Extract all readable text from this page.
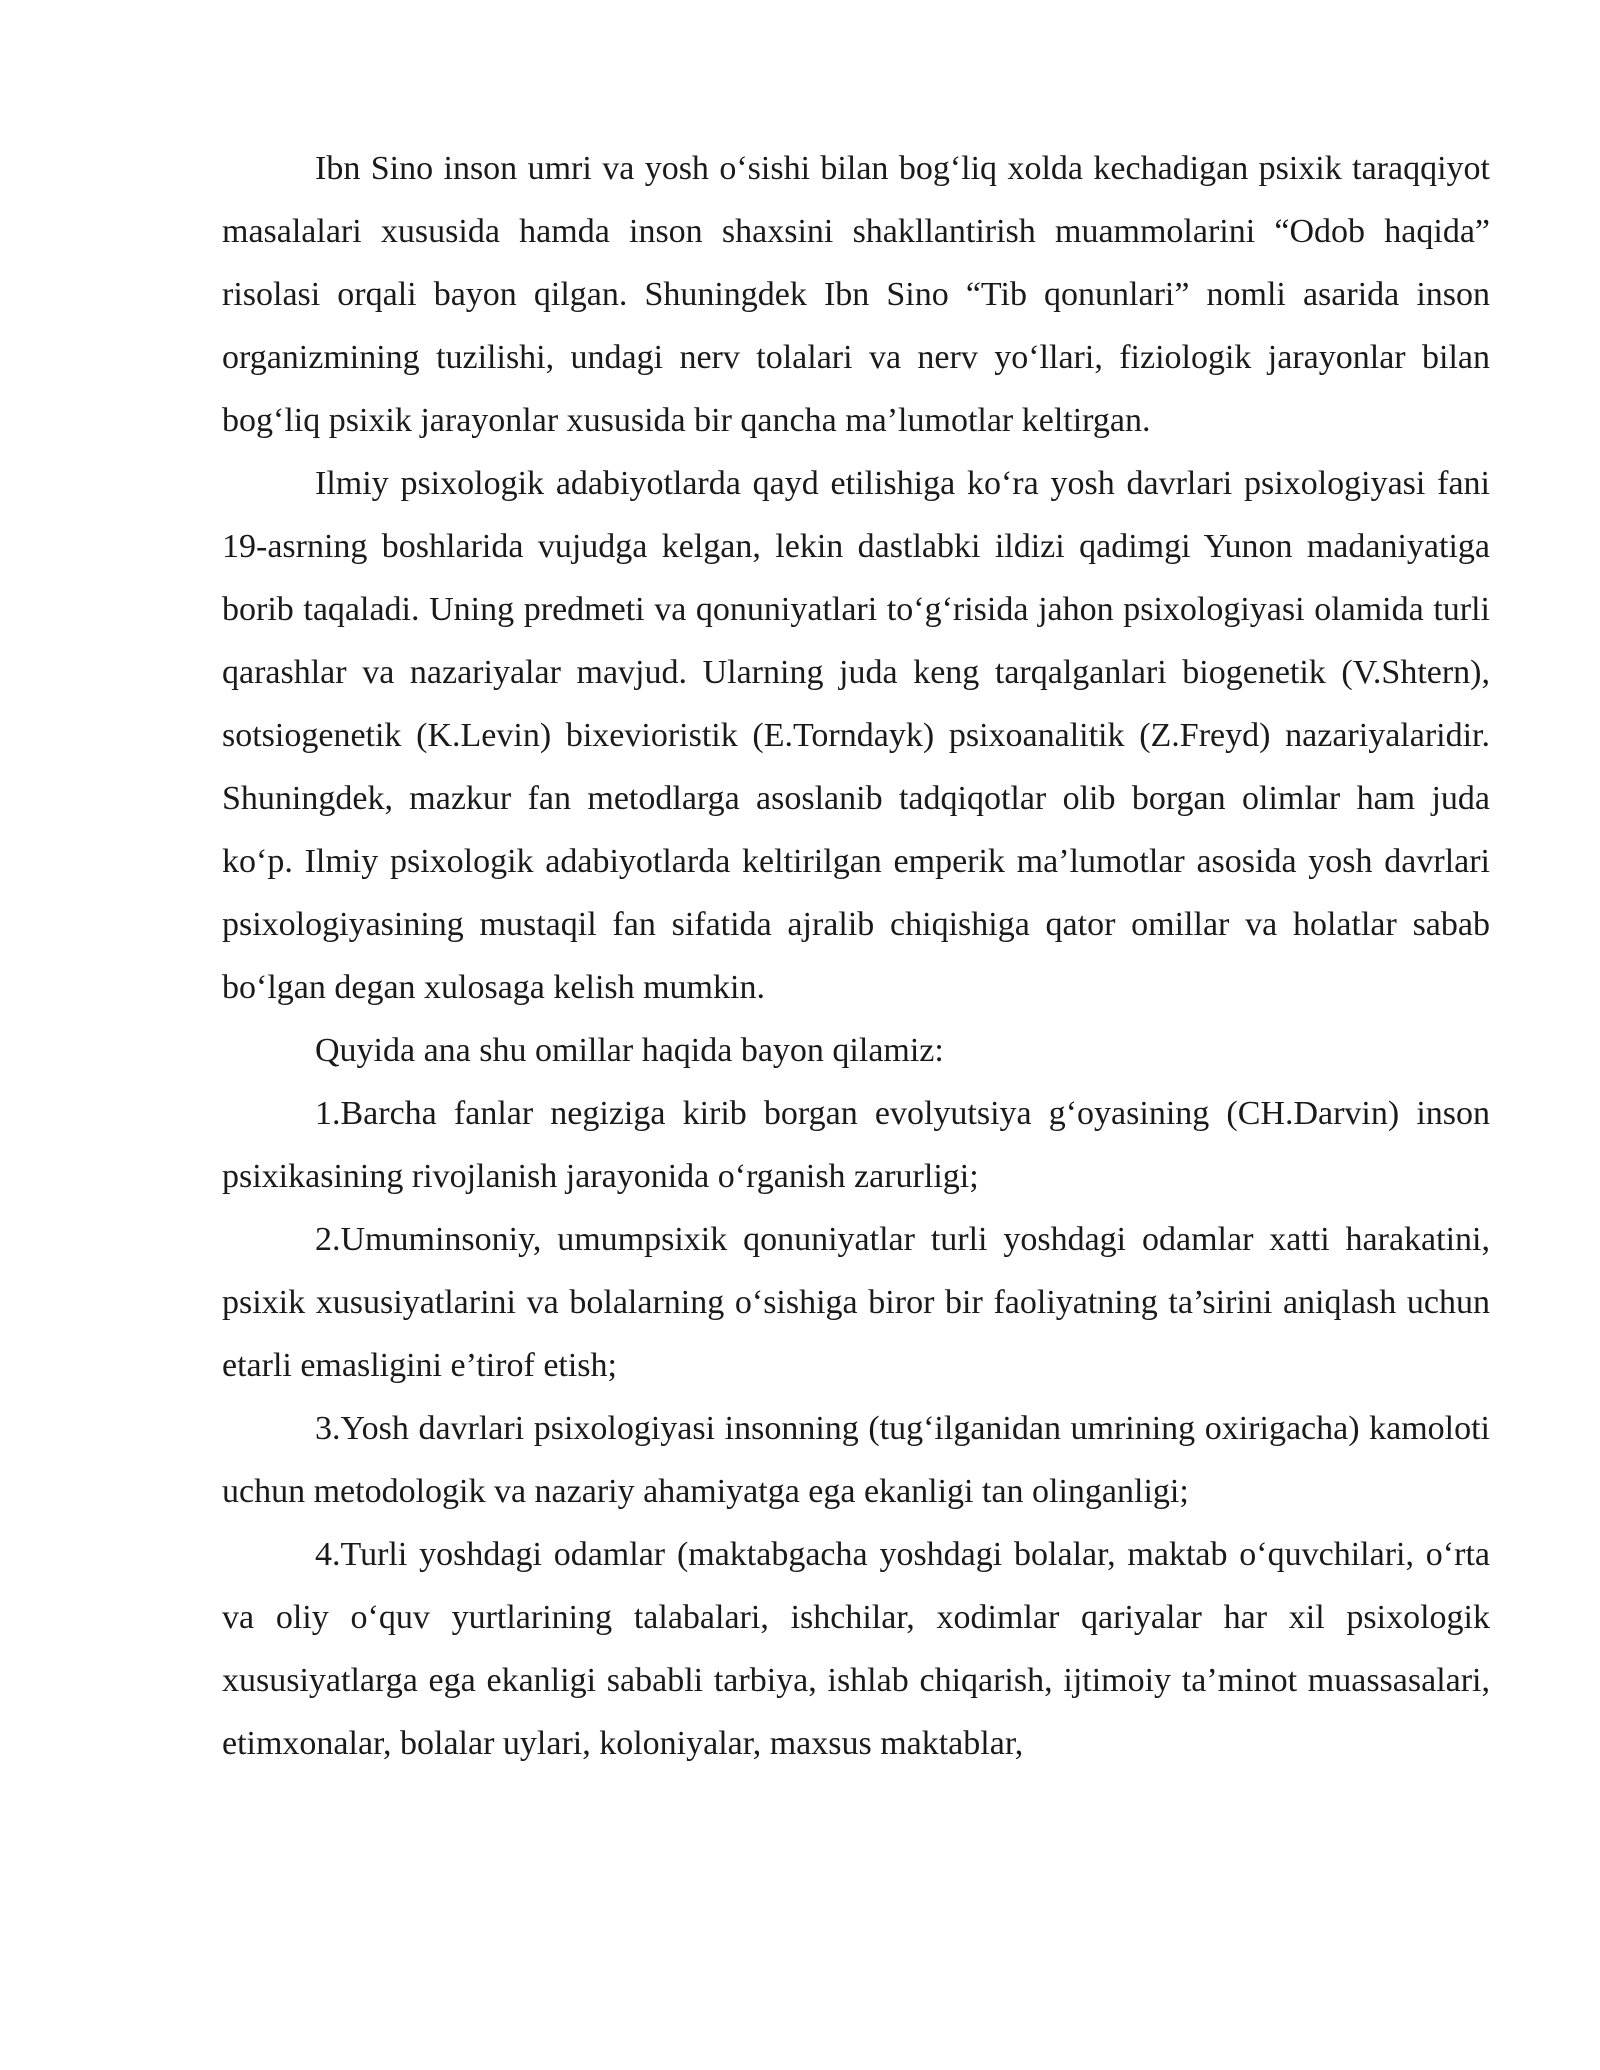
Ibn Sino inson umri va yosh o‘sishi bilan bog‘liq xolda kechadigan psixik taraqqiyot masalalari xususida hamda inson shaxsini shakllantirish muammolarini “Odob haqida” risolasi orqali bayon qilgan. Shuningdek Ibn Sino “Tib qonunlari” nomli asarida inson organizmining tuzilishi, undagi nerv tolalari va nerv yo‘llari, fiziologik jarayonlar bilan bog‘liq psixik jarayonlar xususida bir qancha ma’lumotlar keltirgan.

Ilmiy psixologik adabiyotlarda qayd etilishiga ko‘ra yosh davrlari psixologiyasi fani 19-asrning boshlarida vujudga kelgan, lekin dastlabki ildizi qadimgi Yunon madaniyatiga borib taqaladi. Uning predmeti va qonuniyatlari to‘g‘risida jahon psixologiyasi olamida turli qarashlar va nazariyalar mavjud. Ularning juda keng tarqalganlari biogenetik (V.Shtern), sotsiogenetik (K.Levin) bixevioristik (E.Torndayk) psixoanalitik (Z.Freyd) nazariyalaridir. Shuningdek, mazkur fan metodlarga asoslanib tadqiqotlar olib borgan olimlar ham juda ko‘p. Ilmiy psixologik adabiyotlarda keltirilgan emperik ma’lumotlar asosida yosh davrlari psixologiyasining mustaqil fan sifatida ajralib chiqishiga qator omillar va holatlar sabab bo‘lgan degan xulosaga kelish mumkin.

Quyida ana shu omillar haqida bayon qilamiz:

1.Barcha fanlar negiziga kirib borgan evolyutsiya g‘oyasining (CH.Darvin) inson psixikasining rivojlanish jarayonida o‘rganish zarurligi;

2.Umuminsoniy, umumpsixik qonuniyatlar turli yoshdagi odamlar xatti harakatini, psixik xususiyatlarini va bolalarning o‘sishiga biror bir faoliyatning ta’sirini aniqlash uchun etarli emasligini e’tirof etish;

3.Yosh davrlari psixologiyasi insonning (tug‘ilganidan umrining oxirigacha) kamoloti uchun metodologik va nazariy ahamiyatga ega ekanligi tan olinganligi;

4.Turli yoshdagi odamlar (maktabgacha yoshdagi bolalar, maktab o‘quvchilari, o‘rta va oliy o‘quv yurtlarining talabalari, ishchilar, xodimlar qariyalar har xil psixologik xususiyatlarga ega ekanligi sababli tarbiya, ishlab chiqarish, ijtimoiy ta’minot muassasalari, etimxonalar, bolalar uylari, koloniyalar, maxsus maktablar,
